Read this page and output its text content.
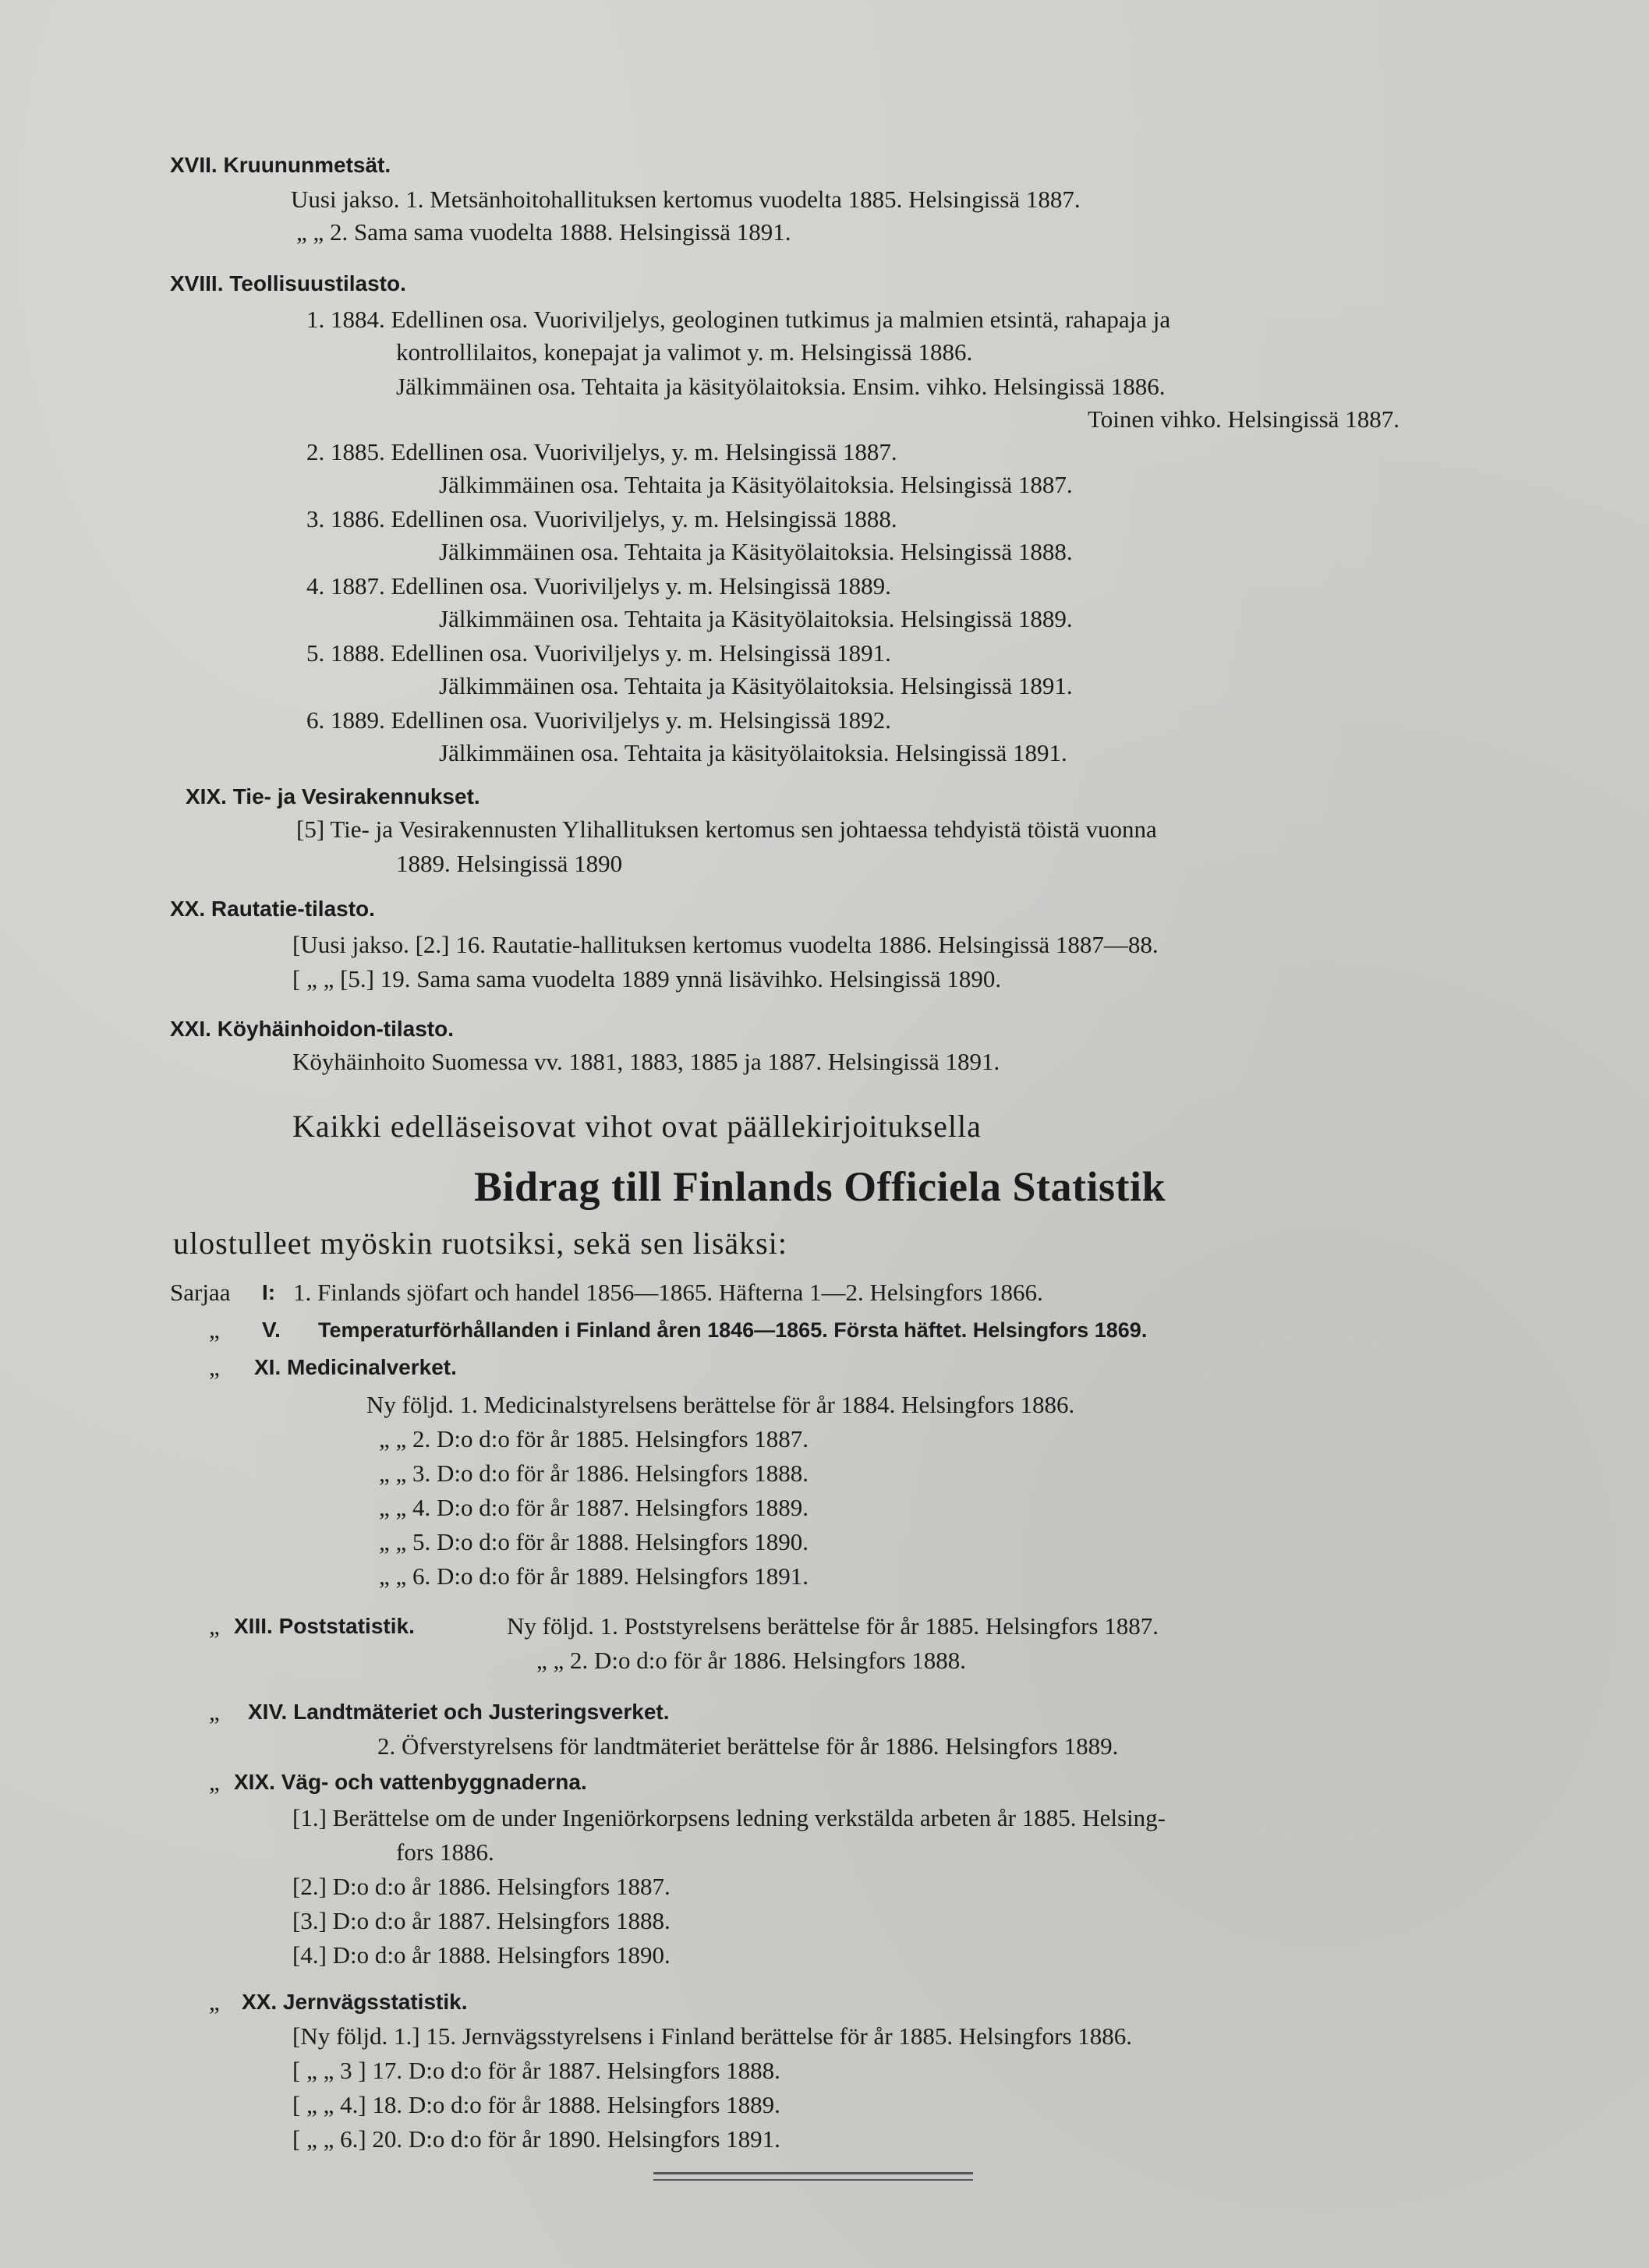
XVII. Kruununmetsät.
Uusi jakso. 1. Metsänhoitohallituksen kertomus vuodelta 1885. Helsingissä 1887.
„ „ 2. Sama sama vuodelta 1888. Helsingissä 1891.
XVIII. Teollisuustilasto.
1. 1884. Edellinen osa. Vuoriviljelys, geologinen tutkimus ja malmien etsintä, rahapaja ja
kontrollilaitos, konepajat ja valimot y. m. Helsingissä 1886.
Jälkimmäinen osa. Tehtaita ja käsityölaitoksia. Ensim. vihko. Helsingissä 1886.
Toinen vihko. Helsingissä 1887.
2. 1885. Edellinen osa. Vuoriviljelys, y. m. Helsingissä 1887.
Jälkimmäinen osa. Tehtaita ja Käsityölaitoksia. Helsingissä 1887.
3. 1886. Edellinen osa. Vuoriviljelys, y. m. Helsingissä 1888.
Jälkimmäinen osa. Tehtaita ja Käsityölaitoksia. Helsingissä 1888.
4. 1887. Edellinen osa. Vuoriviljelys y. m. Helsingissä 1889.
Jälkimmäinen osa. Tehtaita ja Käsityölaitoksia. Helsingissä 1889.
5. 1888. Edellinen osa. Vuoriviljelys y. m. Helsingissä 1891.
Jälkimmäinen osa. Tehtaita ja Käsityölaitoksia. Helsingissä 1891.
6. 1889. Edellinen osa. Vuoriviljelys y. m. Helsingissä 1892.
Jälkimmäinen osa. Tehtaita ja käsityölaitoksia. Helsingissä 1891.
XIX. Tie- ja Vesirakennukset.
[5] Tie- ja Vesirakennusten Ylihallituksen kertomus sen johtaessa tehdyistä töistä vuonna
1889. Helsingissä 1890
XX. Rautatie-tilasto.
[Uusi jakso. [2.] 16. Rautatie-hallituksen kertomus vuodelta 1886. Helsingissä 1887—88.
[ „ „ [5.] 19. Sama sama vuodelta 1889 ynnä lisävihko. Helsingissä 1890.
XXI. Köyhäinhoidon-tilasto.
Köyhäinhoito Suomessa vv. 1881, 1883, 1885 ja 1887. Helsingissä 1891.
Kaikki edelläseisovat vihot ovat päällekirjoituksella
Bidrag till Finlands Officiela Statistik
ulostulleet myöskin ruotsiksi, sekä sen lisäksi:
Sarjaa I: 1. Finlands sjöfart och handel 1856—1865. Häfterna 1—2. Helsingfors 1866.
„ V. Temperaturförhållanden i Finland åren 1846—1865. Första häftet. Helsingfors 1869.
„ XI. Medicinalverket.
Ny följd. 1. Medicinalstyrelsens berättelse för år 1884. Helsingfors 1886.
„ „ 2. D:o d:o för år 1885. Helsingfors 1887.
„ „ 3. D:o d:o för år 1886. Helsingfors 1888.
„ „ 4. D:o d:o för år 1887. Helsingfors 1889.
„ „ 5. D:o d:o för år 1888. Helsingfors 1890.
„ „ 6. D:o d:o för år 1889. Helsingfors 1891.
„ XIII. Poststatistik.	Ny följd. 1. Poststyrelsens berättelse för år 1885. Helsingfors 1887.
„ „ 2. D:o d:o för år 1886. Helsingfors 1888.
„ XIV. Landtmäteriet och Justeringsverket.
2. Öfverstyrelsens för landtmäteriet berättelse för år 1886. Helsingfors 1889.
„ XIX. Väg- och vattenbyggnaderna.
[1.] Berättelse om de under Ingeniörkorpsens ledning verkstälda arbeten år 1885. Helsing-
fors 1886.
[2.] D:o d:o år 1886. Helsingfors 1887.
[3.] D:o d:o år 1887. Helsingfors 1888.
[4.] D:o d:o år 1888. Helsingfors 1890.
„ XX. Jernvägsstatistik.
[Ny följd. 1.] 15. Jernvägsstyrelsens i Finland berättelse för år 1885. Helsingfors 1886.
[ „ „ 3 ] 17. D:o d:o för år 1887. Helsingfors 1888.
[ „ „ 4.] 18. D:o d:o för år 1888. Helsingfors 1889.
[ „ „ 6.] 20. D:o d:o för år 1890. Helsingfors 1891.
